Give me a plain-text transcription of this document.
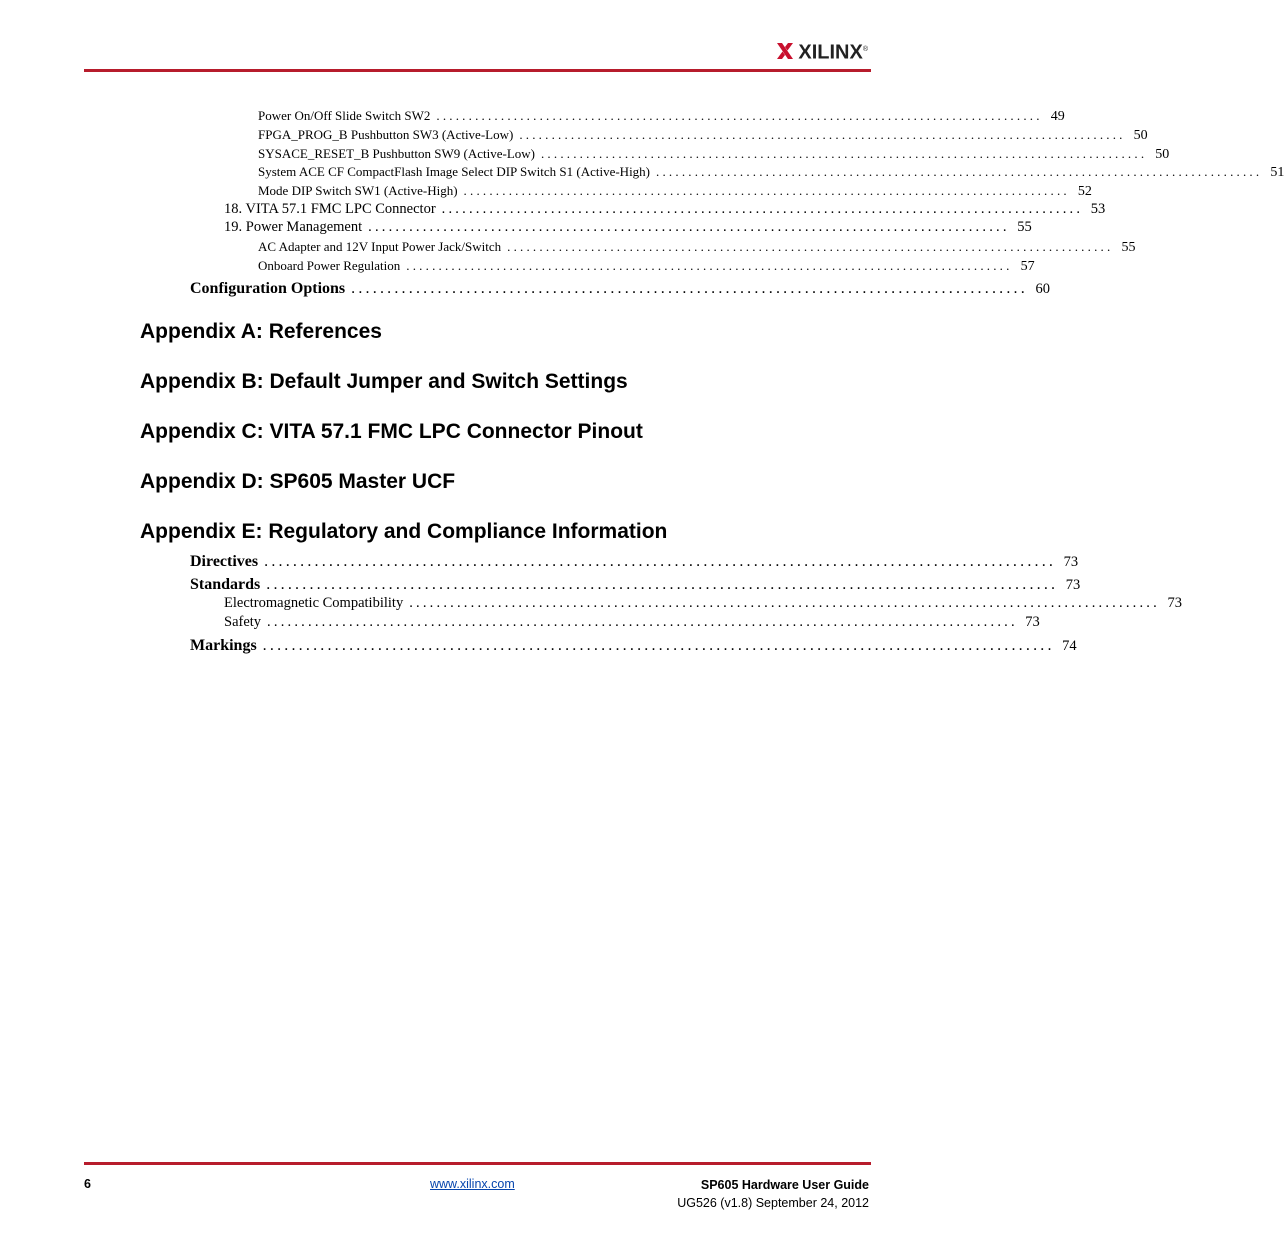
XILINX®
Power On/Off Slide Switch SW2 .............................................................................................. 49
FPGA_PROG_B Pushbutton SW3 (Active-Low) .............................................................................................. 50
SYSACE_RESET_B Pushbutton SW9 (Active-Low) .............................................................................................. 50
System ACE CF CompactFlash Image Select DIP Switch S1 (Active-High) .............................................................................................. 51
Mode DIP Switch SW1 (Active-High) .............................................................................................. 52
18. VITA 57.1 FMC LPC Connector .............................................................................................. 53
19. Power Management .............................................................................................. 55
AC Adapter and 12V Input Power Jack/Switch .............................................................................................. 55
Onboard Power Regulation .............................................................................................. 57
Configuration Options .............................................................................................. 60
Appendix A: References
Appendix B: Default Jumper and Switch Settings
Appendix C: VITA 57.1 FMC LPC Connector Pinout
Appendix D: SP605 Master UCF
Appendix E: Regulatory and Compliance Information
Directives .............................................................................................................. 73
Standards .............................................................................................................. 73
Electromagnetic Compatibility .............................................................................................................. 73
Safety .............................................................................................................. 73
Markings .............................................................................................................. 74
6	www.xilinx.com	SP605 Hardware User Guide
UG526 (v1.8) September 24, 2012
